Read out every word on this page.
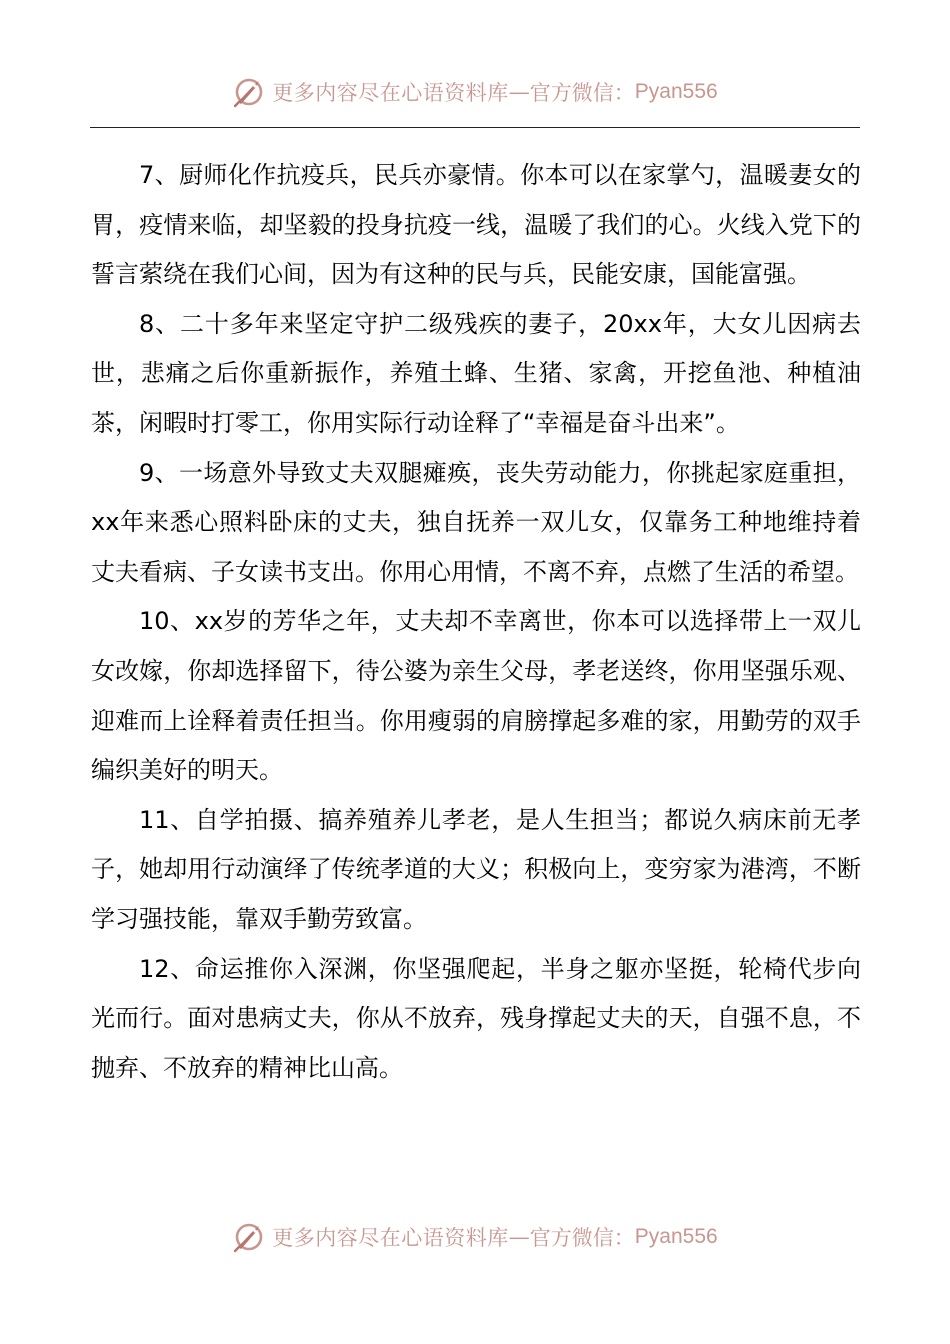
更多内容尽在心语资料库 — 官方微信： Pyan556

7、厨师化作抗疫兵，民兵亦豪情。你本可以在家掌勺，温暖妻女的胃，疫情来临，却坚毅的投身抗疫一线，温暖了我们的心。火线入党下的誓言萦绕在我们心间，因为有这种的民与兵，民能安康，国能富强。

8、二十多年来坚定守护二级残疾的妻子，20xx年，大女儿因病去世，悲痛之后你重新振作，养殖土蜂、生猪、家禽，开挖鱼池、种植油茶，闲暇时打零工，你用实际行动诠释了“幸福是奋斗出来”。

9、一场意外导致丈夫双腿瘫痪，丧失劳动能力，你挑起家庭重担，xx年来悉心照料卧床的丈夫，独自抚养一双儿女，仅靠务工种地维持着丈夫看病、子女读书支出。你用心用情，不离不弃，点燃了生活的希望。

10、xx岁的芳华之年，丈夫却不幸离世，你本可以选择带上一双儿女改嫁，你却选择留下，待公婆为亲生父母，孝老送终，你用坚强乐观、迎难而上诠释着责任担当。你用瘦弱的肩膀撑起多难的家，用勤劳的双手编织美好的明天。

11、自学拍摄、搞养殖养儿孝老，是人生担当；都说久病床前无孝子，她却用行动演绎了传统孝道的大义；积极向上，变穷家为港湾，不断学习强技能，靠双手勤劳致富。

12、命运推你入深渊，你坚强爬起，半身之躯亦坚挺，轮椅代步向光而行。面对患病丈夫，你从不放弃，残身撑起丈夫的天，自强不息，不抛弃、不放弃的精神比山高。

更多内容尽在心语资料库 — 官方微信： Pyan556
